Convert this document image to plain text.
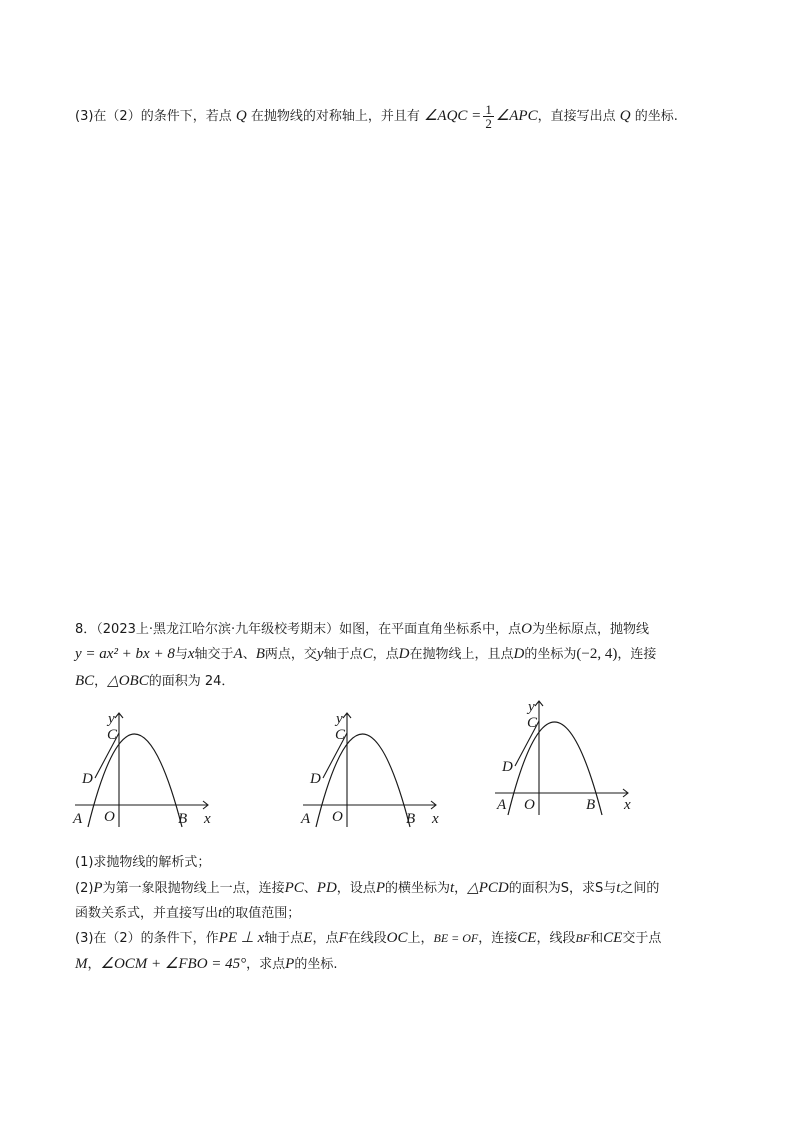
(3)在（2）的条件下，若点 Q 在抛物线的对称轴上，并且有 ∠AQC = $\frac{1}{2}$ ∠APC，直接写出点 Q 的坐标.
8．（2023上·黑龙江哈尔滨·九年级校考期末）如图，在平面直角坐标系中，点O为坐标原点，抛物线
y = ax² + bx + 8与x轴交于A、B两点，交y轴于点C，点D在抛物线上，且点D的坐标为(−2, 4)，连接
BC，△OBC的面积为 24．
y
C
D
A O	B x
y
C
D
A O	B x
y
C
D
A O	B x
(1)求抛物线的解析式；
(2)P为第一象限抛物线上一点，连接PC、PD，设点P的横坐标为t，△PCD的面积为S，求S与t之间的
函数关系式，并直接写出t的取值范围；
(3)在（2）的条件下，作PE ⊥ x轴于点E，点F在线段OC上，BE = OF，连接CE，线段BF和CE交于点
M，∠OCM + ∠FBO = 45°，求点P的坐标.
